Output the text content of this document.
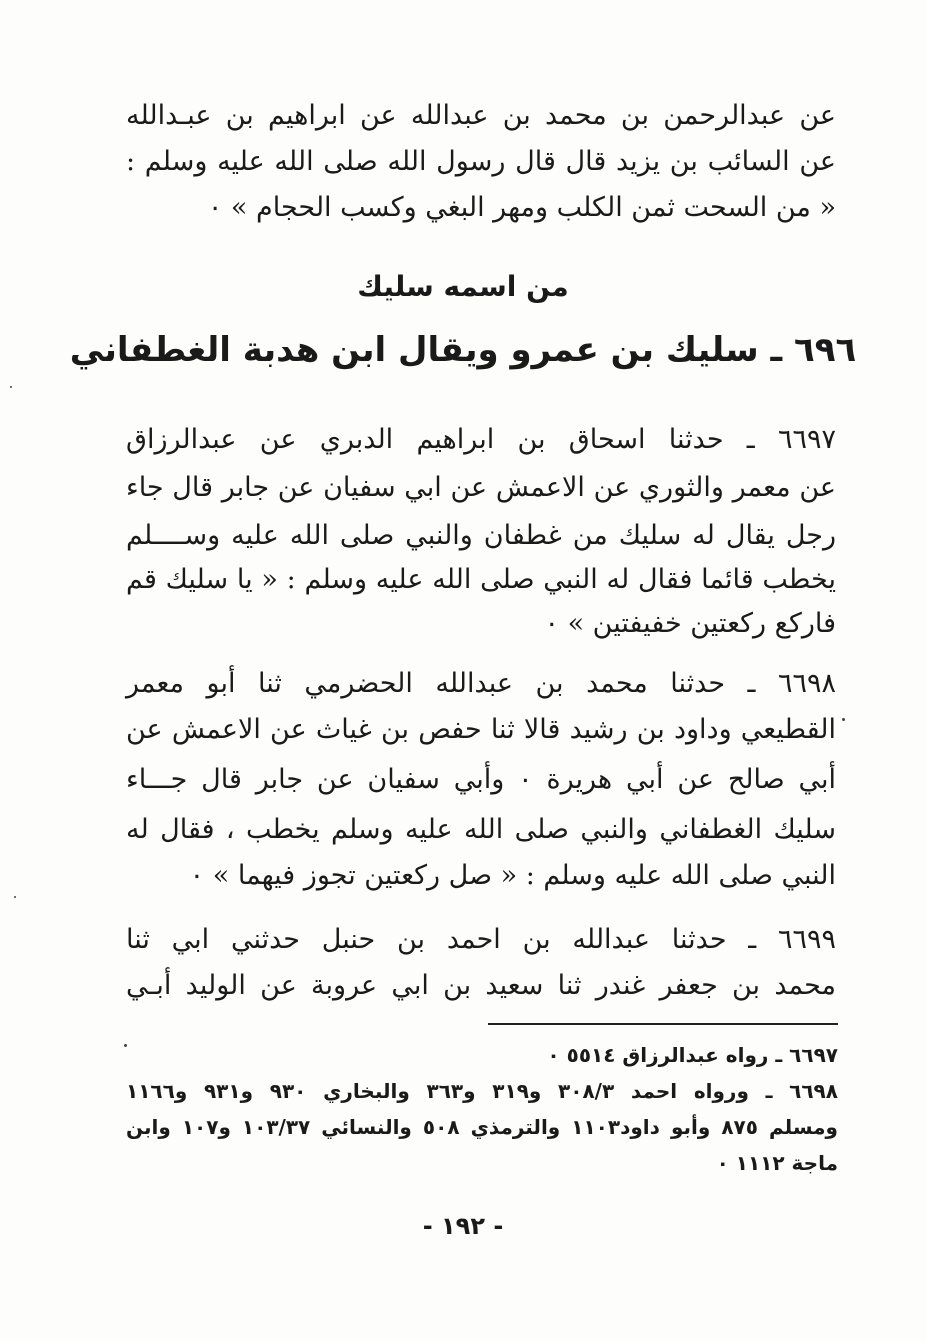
عن عبدالرحمن بن محمد بن عبدالله عن ابراهيم بن عبـدالله
عن السائب بن يزيد قال قال رسول الله صلى الله عليه وسلم :
« من السحت ثمن الكلب ومهر البغي وكسب الحجام » ٠
من اسمه سليك
٦٩٦ ـ سليك بن عمرو ويقال ابن هدبة الغطفاني
٦٦٩٧ ـ حدثنا اسحاق بن ابراهيم الدبري عن عبدالرزاق
عن معمر والثوري عن الاعمش عن ابي سفيان عن جابر قال جاء
رجل يقال له سليك من غطفان والنبي صلى الله عليه وســــلم
يخطب قائما فقال له النبي صلى الله عليه وسلم : « يا سليك قم
فاركع ركعتين خفيفتين » ٠
٦٦٩٨ ـ حدثنا محمد بن عبدالله الحضرمي ثنا أبو معمر
القطيعي وداود بن رشيد قالا ثنا حفص بن غياث عن الاعمش عن
أبي صالح عن أبي هريرة ٠ وأبي سفيان عن جابر قال جـــاء
سليك الغطفاني والنبي صلى الله عليه وسلم يخطب ، فقال له
النبي صلى الله عليه وسلم : « صل ركعتين تجوز فيهما » ٠
٦٦٩٩ ـ حدثنا عبدالله بن احمد بن حنبل حدثني ابي ثنا
محمد بن جعفر غندر ثنا سعيد بن ابي عروبة عن الوليد أبـي
٦٦٩٧ ـ رواه عبدالرزاق ٥٥١٤ ٠
٦٦٩٨ ـ ورواه احمد ٣٠٨/٣ و٣١٩ و٣٦٣ والبخاري ٩٣٠ و٩٣١ و١١٦٦
ومسلم ٨٧٥ وأبو داود١١٠٣ والترمذي ٥٠٨ والنسائي ١٠٣/٣٧ و١٠٧ وابن
ماجة ١١١٢ ٠
- ١٩٢ -
